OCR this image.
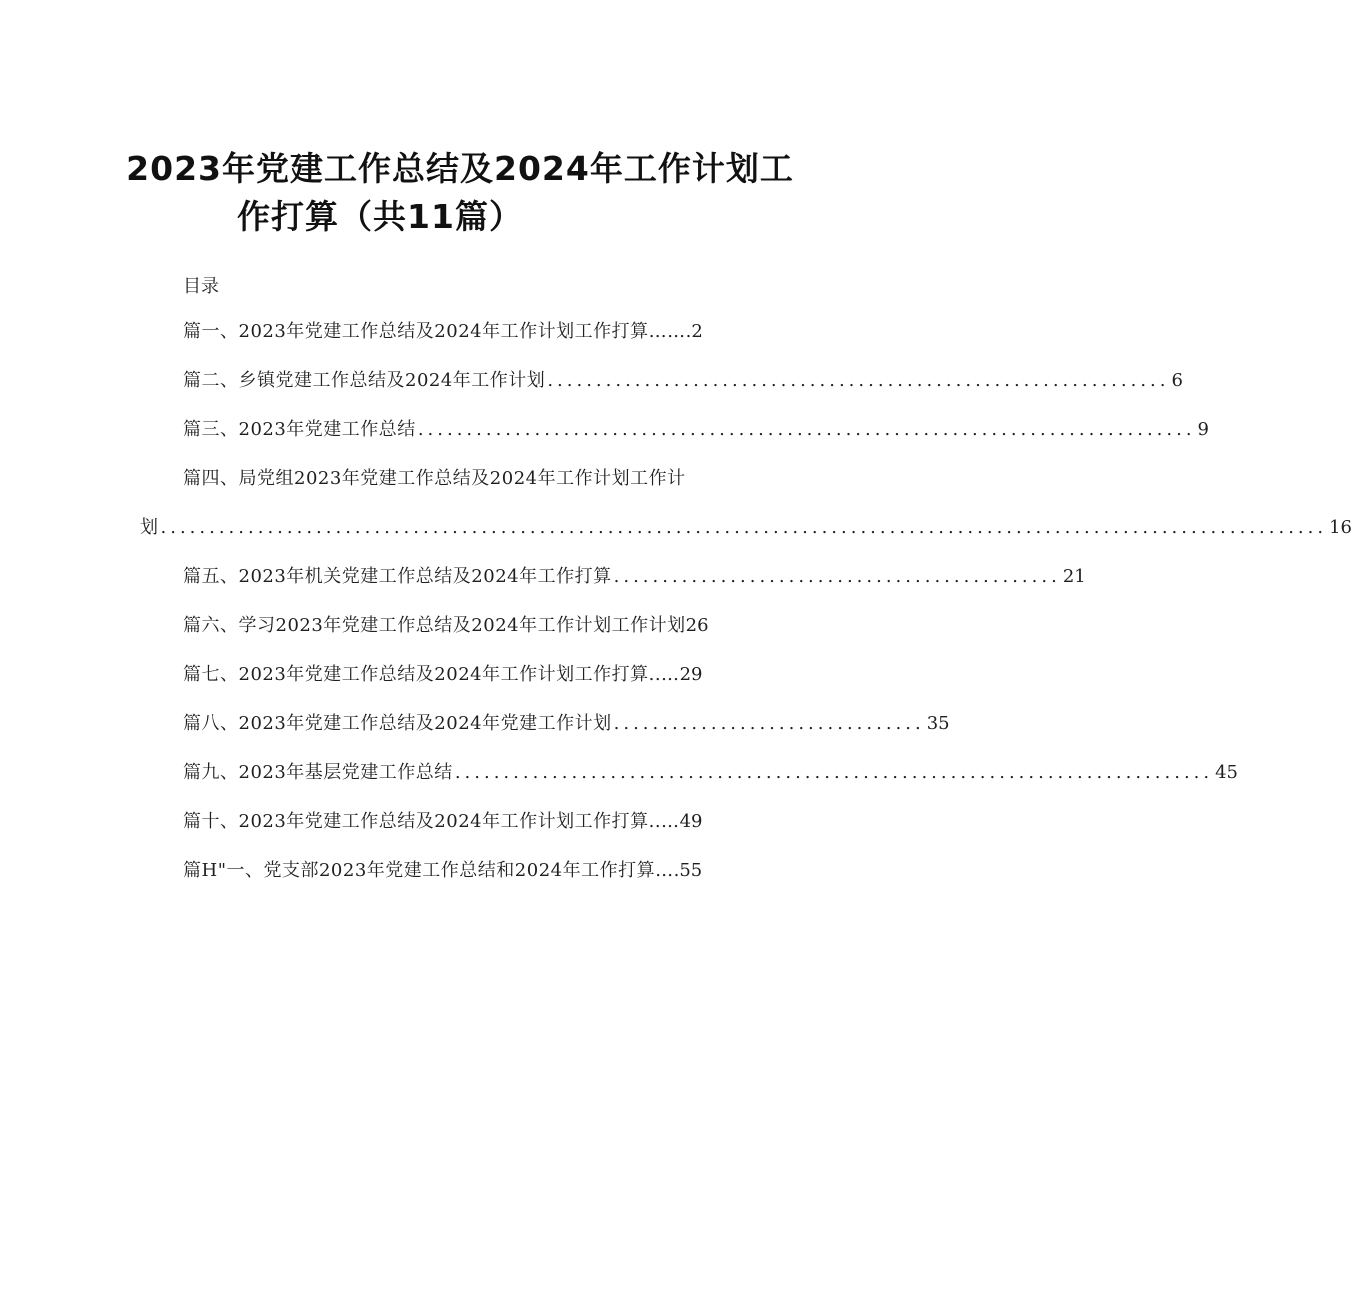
2023年党建工作总结及2024年工作计划工
作打算（共11篇）
目录
篇一、2023年党建工作总结及2024年工作计划工作打算…… .2
篇二、乡镇党建工作总结及2024年工作计划 ................................................................ 6
篇三、2023年党建工作总结 ................................................................................ 9
篇四、局党组2023年党建工作总结及2024年工作计划工作计
划 ........................................................................................................................ 16
篇五、2023年机关党建工作总结及2024年工作打算 .............................................. 21
篇六、学习2023年党建工作总结及2024年工作计划工作计划 26
篇七、2023年党建工作总结及2024年工作计划工作打算..… 29
篇八、2023年党建工作总结及2024年党建工作计划 ................................ 35
篇九、2023年基层党建工作总结 .............................................................................. 45
篇十、2023年党建工作总结及2024年工作计划工作打算..… 49
篇H"一、党支部2023年党建工作总结和2024年工作打算… .55
